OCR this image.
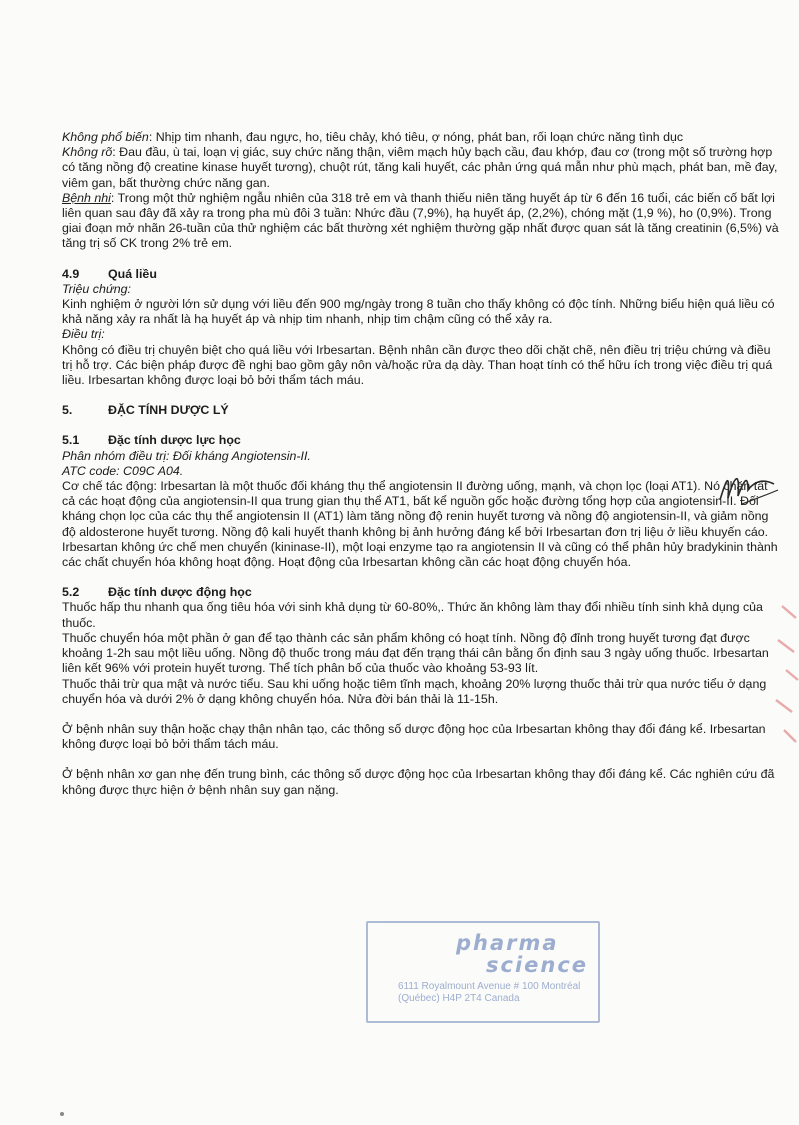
Không phổ biến: Nhịp tim nhanh, đau ngực, ho, tiêu chảy, khó tiêu, ợ nóng, phát ban, rối loạn chức năng tình dục

Không rõ: Đau đầu, ù tai, loạn vị giác, suy chức năng thận, viêm mạch hủy bạch cầu, đau khớp, đau cơ (trong một số trường hợp có tăng nồng độ creatine kinase huyết tương), chuột rút, tăng kali huyết, các phản ứng quá mẫn như phù mạch, phát ban, mề đay, viêm gan, bất thường chức năng gan.

Bệnh nhi: Trong một thử nghiệm ngẫu nhiên của 318 trẻ em và thanh thiếu niên tăng huyết áp từ 6 đến 16 tuổi, các biến cố bất lợi liên quan sau đây đã xảy ra trong pha mù đôi 3 tuần: Nhức đầu (7,9%), hạ huyết áp, (2,2%), chóng mặt (1,9 %), ho (0,9%). Trong giai đoạn mở nhãn 26-tuần của thử nghiệm các bất thường xét nghiệm thường gặp nhất được quan sát là tăng creatinin (6,5%) và tăng trị số CK trong 2% trẻ em.

4.9 Quá liều

Triệu chứng:

Kinh nghiệm ở người lớn sử dụng với liều đến 900 mg/ngày trong 8 tuần cho thấy không có độc tính. Những biểu hiện quá liều có khả năng xảy ra nhất là hạ huyết áp và nhịp tim nhanh, nhịp tim chậm cũng có thể xảy ra.

Điều trị:

Không có điều trị chuyên biệt cho quá liều với Irbesartan. Bệnh nhân cần được theo dõi chặt chẽ, nên điều trị triệu chứng và điều trị hỗ trợ. Các biện pháp được đề nghị bao gồm gây nôn và/hoặc rửa dạ dày. Than hoạt tính có thể hữu ích trong việc điều trị quá liều. Irbesartan không được loại bỏ bởi thẩm tách máu.

5.	ĐẶC TÍNH DƯỢC LÝ

5.1 Đặc tính dược lực học

Phân nhóm điều trị: Đối kháng Angiotensin-II.

ATC code: C09C A04.

Cơ chế tác động: Irbesartan là một thuốc đối kháng thụ thể angiotensin II đường uống, mạnh, và chọn lọc (loại AT1). Nó chặn tất cả các hoạt động của angiotensin-II qua trung gian thụ thể AT1, bất kể nguồn gốc hoặc đường tổng hợp của angiotensin-II. Đối kháng chọn lọc của các thụ thể angiotensin II (AT1) làm tăng nồng độ renin huyết tương và nồng độ angiotensin-II, và giảm nồng độ aldosterone huyết tương. Nồng độ kali huyết thanh không bị ảnh hưởng đáng kể bởi Irbesartan đơn trị liệu ở liều khuyến cáo. Irbesartan không ức chế men chuyển (kininase-II), một loại enzyme tạo ra angiotensin II và cũng có thể phân hủy bradykinin thành các chất chuyển hóa không hoạt động. Hoạt động của Irbesartan không cần các hoạt động chuyển hóa.

5.2 Đặc tính dược động học

Thuốc hấp thu nhanh qua ống tiêu hóa với sinh khả dụng từ 60-80%,. Thức ăn không làm thay đổi nhiều tính sinh khả dụng của thuốc.

Thuốc chuyển hóa một phần ở gan để tạo thành các sản phẩm không có hoạt tính. Nồng độ đỉnh trong huyết tương đạt được khoảng 1-2h sau một liều uống. Nồng độ thuốc trong máu đạt đến trạng thái cân bằng ổn định sau 3 ngày uống thuốc. Irbesartan liên kết 96% với protein huyết tương. Thể tích phân bố của thuốc vào khoảng 53-93 lít.

Thuốc thải trừ qua mật và nước tiểu. Sau khi uống hoặc tiêm tĩnh mạch, khoảng 20% lượng thuốc thải trừ qua nước tiểu ở dạng chuyển hóa và dưới 2% ở dạng không chuyển hóa. Nửa đời bán thải là 11-15h.

Ở bệnh nhân suy thận hoặc chạy thận nhân tạo, các thông số dược động học của Irbesartan không thay đổi đáng kể. Irbesartan không được loại bỏ bởi thẩm tách máu.

Ở bệnh nhân xơ gan nhẹ đến trung bình, các thông số dược động học của Irbesartan không thay đổi đáng kể. Các nghiên cứu đã không được thực hiện ở bệnh nhân suy gan nặng.

pharma
science
6111 Royalmount Avenue # 100 Montréal (Québec) H4P 2T4 Canada
